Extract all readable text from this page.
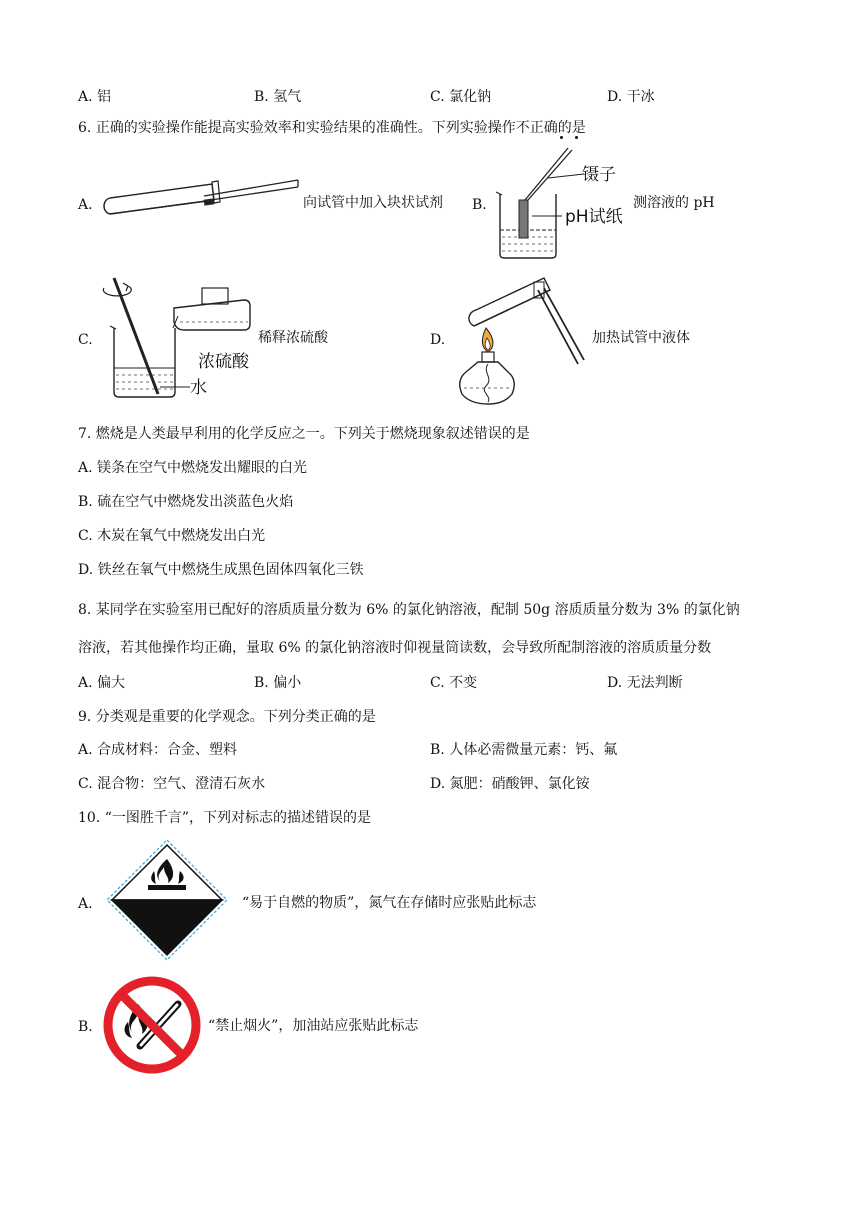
A. 铝	B. 氢气	C. 氯化钠	D. 干冰
6. 正确的实验操作能提高实验效率和实验结果的准确性。下列实验操作不正确的是
A.	向试管中加入块状试剂 B.
镊子
pH试纸
测溶液的 pH
C.
浓硫酸
水
稀释浓硫酸	D.	加热试管中液体
7. 燃烧是人类最早利用的化学反应之一。下列关于燃烧现象叙述错误的是
A. 镁条在空气中燃烧发出耀眼的白光
B. 硫在空气中燃烧发出淡蓝色火焰
C. 木炭在氧气中燃烧发出白光
D. 铁丝在氧气中燃烧生成黑色固体四氧化三铁
8. 某同学在实验室用已配好的溶质质量分数为 6% 的氯化钠溶液，配制 50g 溶质质量分数为 3% 的氯化钠
溶液，若其他操作均正确，量取 6% 的氯化钠溶液时仰视量筒读数，会导致所配制溶液的溶质质量分数
A. 偏大	B. 偏小	C. 不变	D. 无法判断
9. 分类观是重要的化学观念。下列分类正确的是
A. 合成材料：合金、塑料	B. 人体必需微量元素：钙、氟
C. 混合物：空气、澄清石灰水	D. 氮肥：硝酸钾、氯化铵
10. “一图胜千言”，下列对标志的描述错误的是
A.	“易于自燃的物质”，氮气在存储时应张贴此标志
B.	“禁止烟火”，加油站应张贴此标志
